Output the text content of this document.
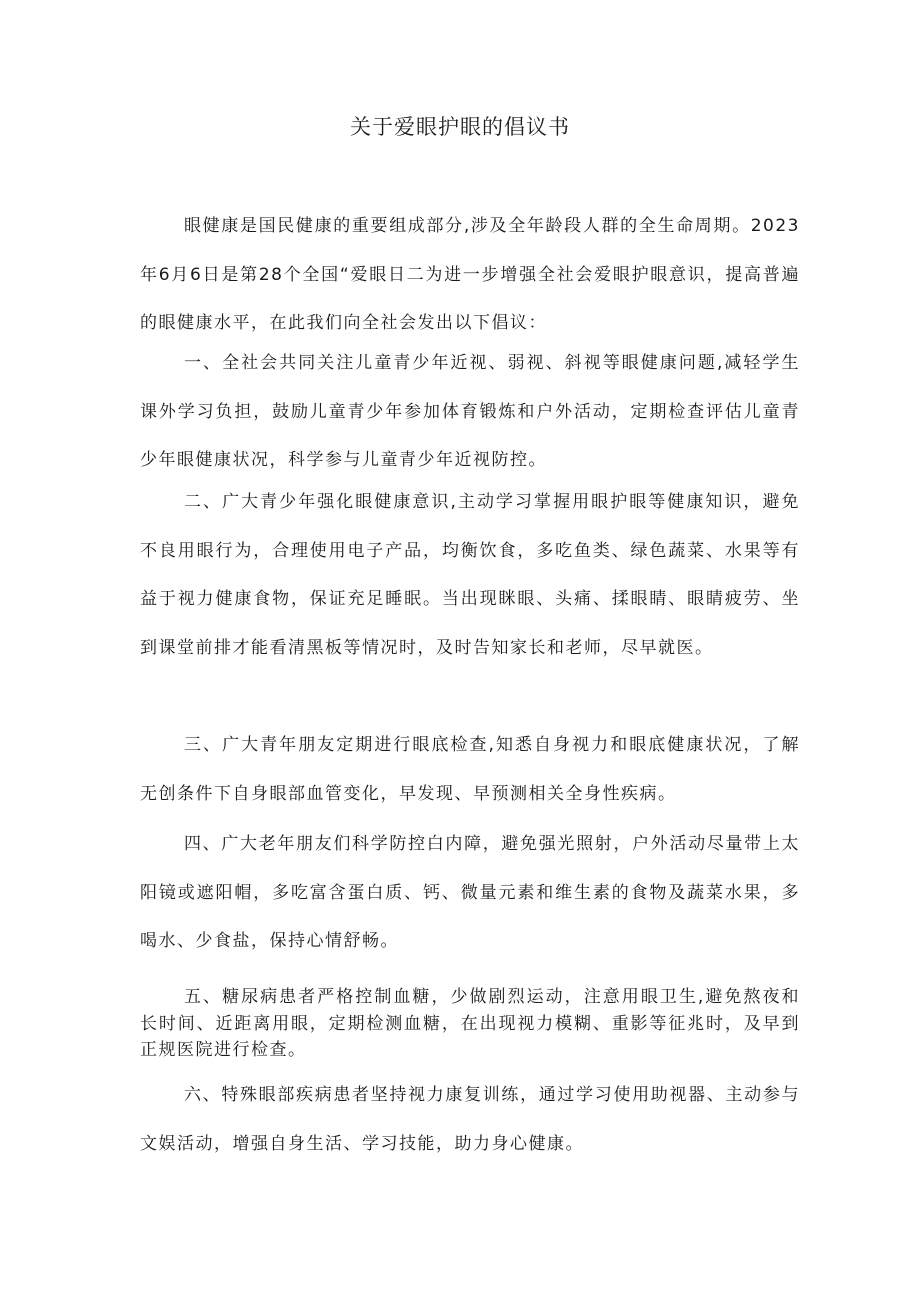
关于爱眼护眼的倡议书

眼健康是国民健康的重要组成部分,涉及全年龄段人群的全生命周期。2023年6月6日是第28个全国“爱眼日二为进一步增强全社会爱眼护眼意识，提高普遍的眼健康水平，在此我们向全社会发出以下倡议：

一、全社会共同关注儿童青少年近视、弱视、斜视等眼健康问题,减轻学生课外学习负担，鼓励儿童青少年参加体育锻炼和户外活动，定期检查评估儿童青少年眼健康状况，科学参与儿童青少年近视防控。

二、广大青少年强化眼健康意识,主动学习掌握用眼护眼等健康知识，避免不良用眼行为，合理使用电子产品，均衡饮食，多吃鱼类、绿色蔬菜、水果等有益于视力健康食物，保证充足睡眠。当出现眯眼、头痛、揉眼睛、眼睛疲劳、坐到课堂前排才能看清黑板等情况时，及时告知家长和老师，尽早就医。

三、广大青年朋友定期进行眼底检查,知悉自身视力和眼底健康状况，了解无创条件下自身眼部血管变化，早发现、早预测相关全身性疾病。

四、广大老年朋友们科学防控白内障，避免强光照射，户外活动尽量带上太阳镜或遮阳帽，多吃富含蛋白质、钙、微量元素和维生素的食物及蔬菜水果，多喝水、少食盐，保持心情舒畅。

五、糖尿病患者严格控制血糖，少做剧烈运动，注意用眼卫生,避免熬夜和长时间、近距离用眼，定期检测血糖，在出现视力模糊、重影等征兆时，及早到正规医院进行检查。

六、特殊眼部疾病患者坚持视力康复训练，通过学习使用助视器、主动参与文娱活动，增强自身生活、学习技能，助力身心健康。
